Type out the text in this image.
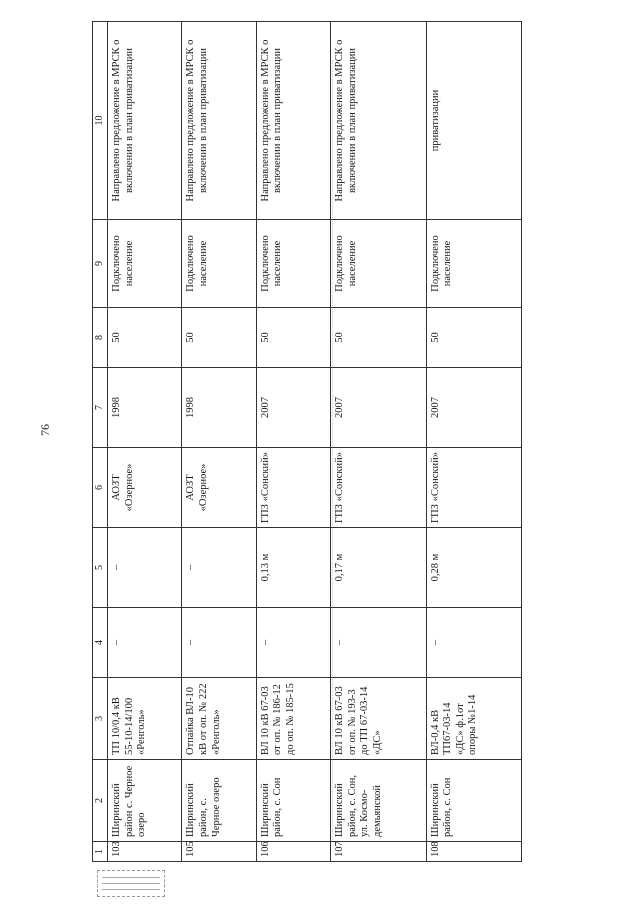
76
1	2	3	4	5	6	7	8	9	10
103	Шиpинcкий район с. Черное озеро	ТП 10/0,4 кВ 55-10-14/100 «Ренголь»	–	–	АОЗТ «Озерное»	1998	50	Подключено население	Направлено предложение в МРСК о включении в план приватизации
105	Ширинский район, с. Черное озеро	Отпайка ВЛ-10 кВ от оп. № 222 «Ренголь»	–	–	АОЗТ «Озерное»	1998	50	Подключено население	Направлено предложение в МРСК о включении в план приватизации
106	Ширинский район, с. Сон	ВЛ 10 кВ 67-03 от оп. № 186-12 до оп. № 185-15	–	0,13 м	ГПЗ «Сонский»	2007	50	Подключено население	Направлено предложение в МРСК о включении в план приватизации
107	Ширинский район, с. Сон, ул. Космо-демьянской	ВЛ 10 кВ 67-03 от оп. № 193-3 до ТП 67-03-14 «ДС»	–	0,17 м	ГПЗ «Сонский»	2007	50	Подключено население	Направлено предложение в МРСК о включении в план приватизации
108	Ширинский район, с. Сон	ВЛ-0,4 кВ ТП67-03-14 «ДС» ф.1от опоры №1-14	–	0,28 м	ГПЗ «Сонский»	2007	50	Подключено население	приватизации
